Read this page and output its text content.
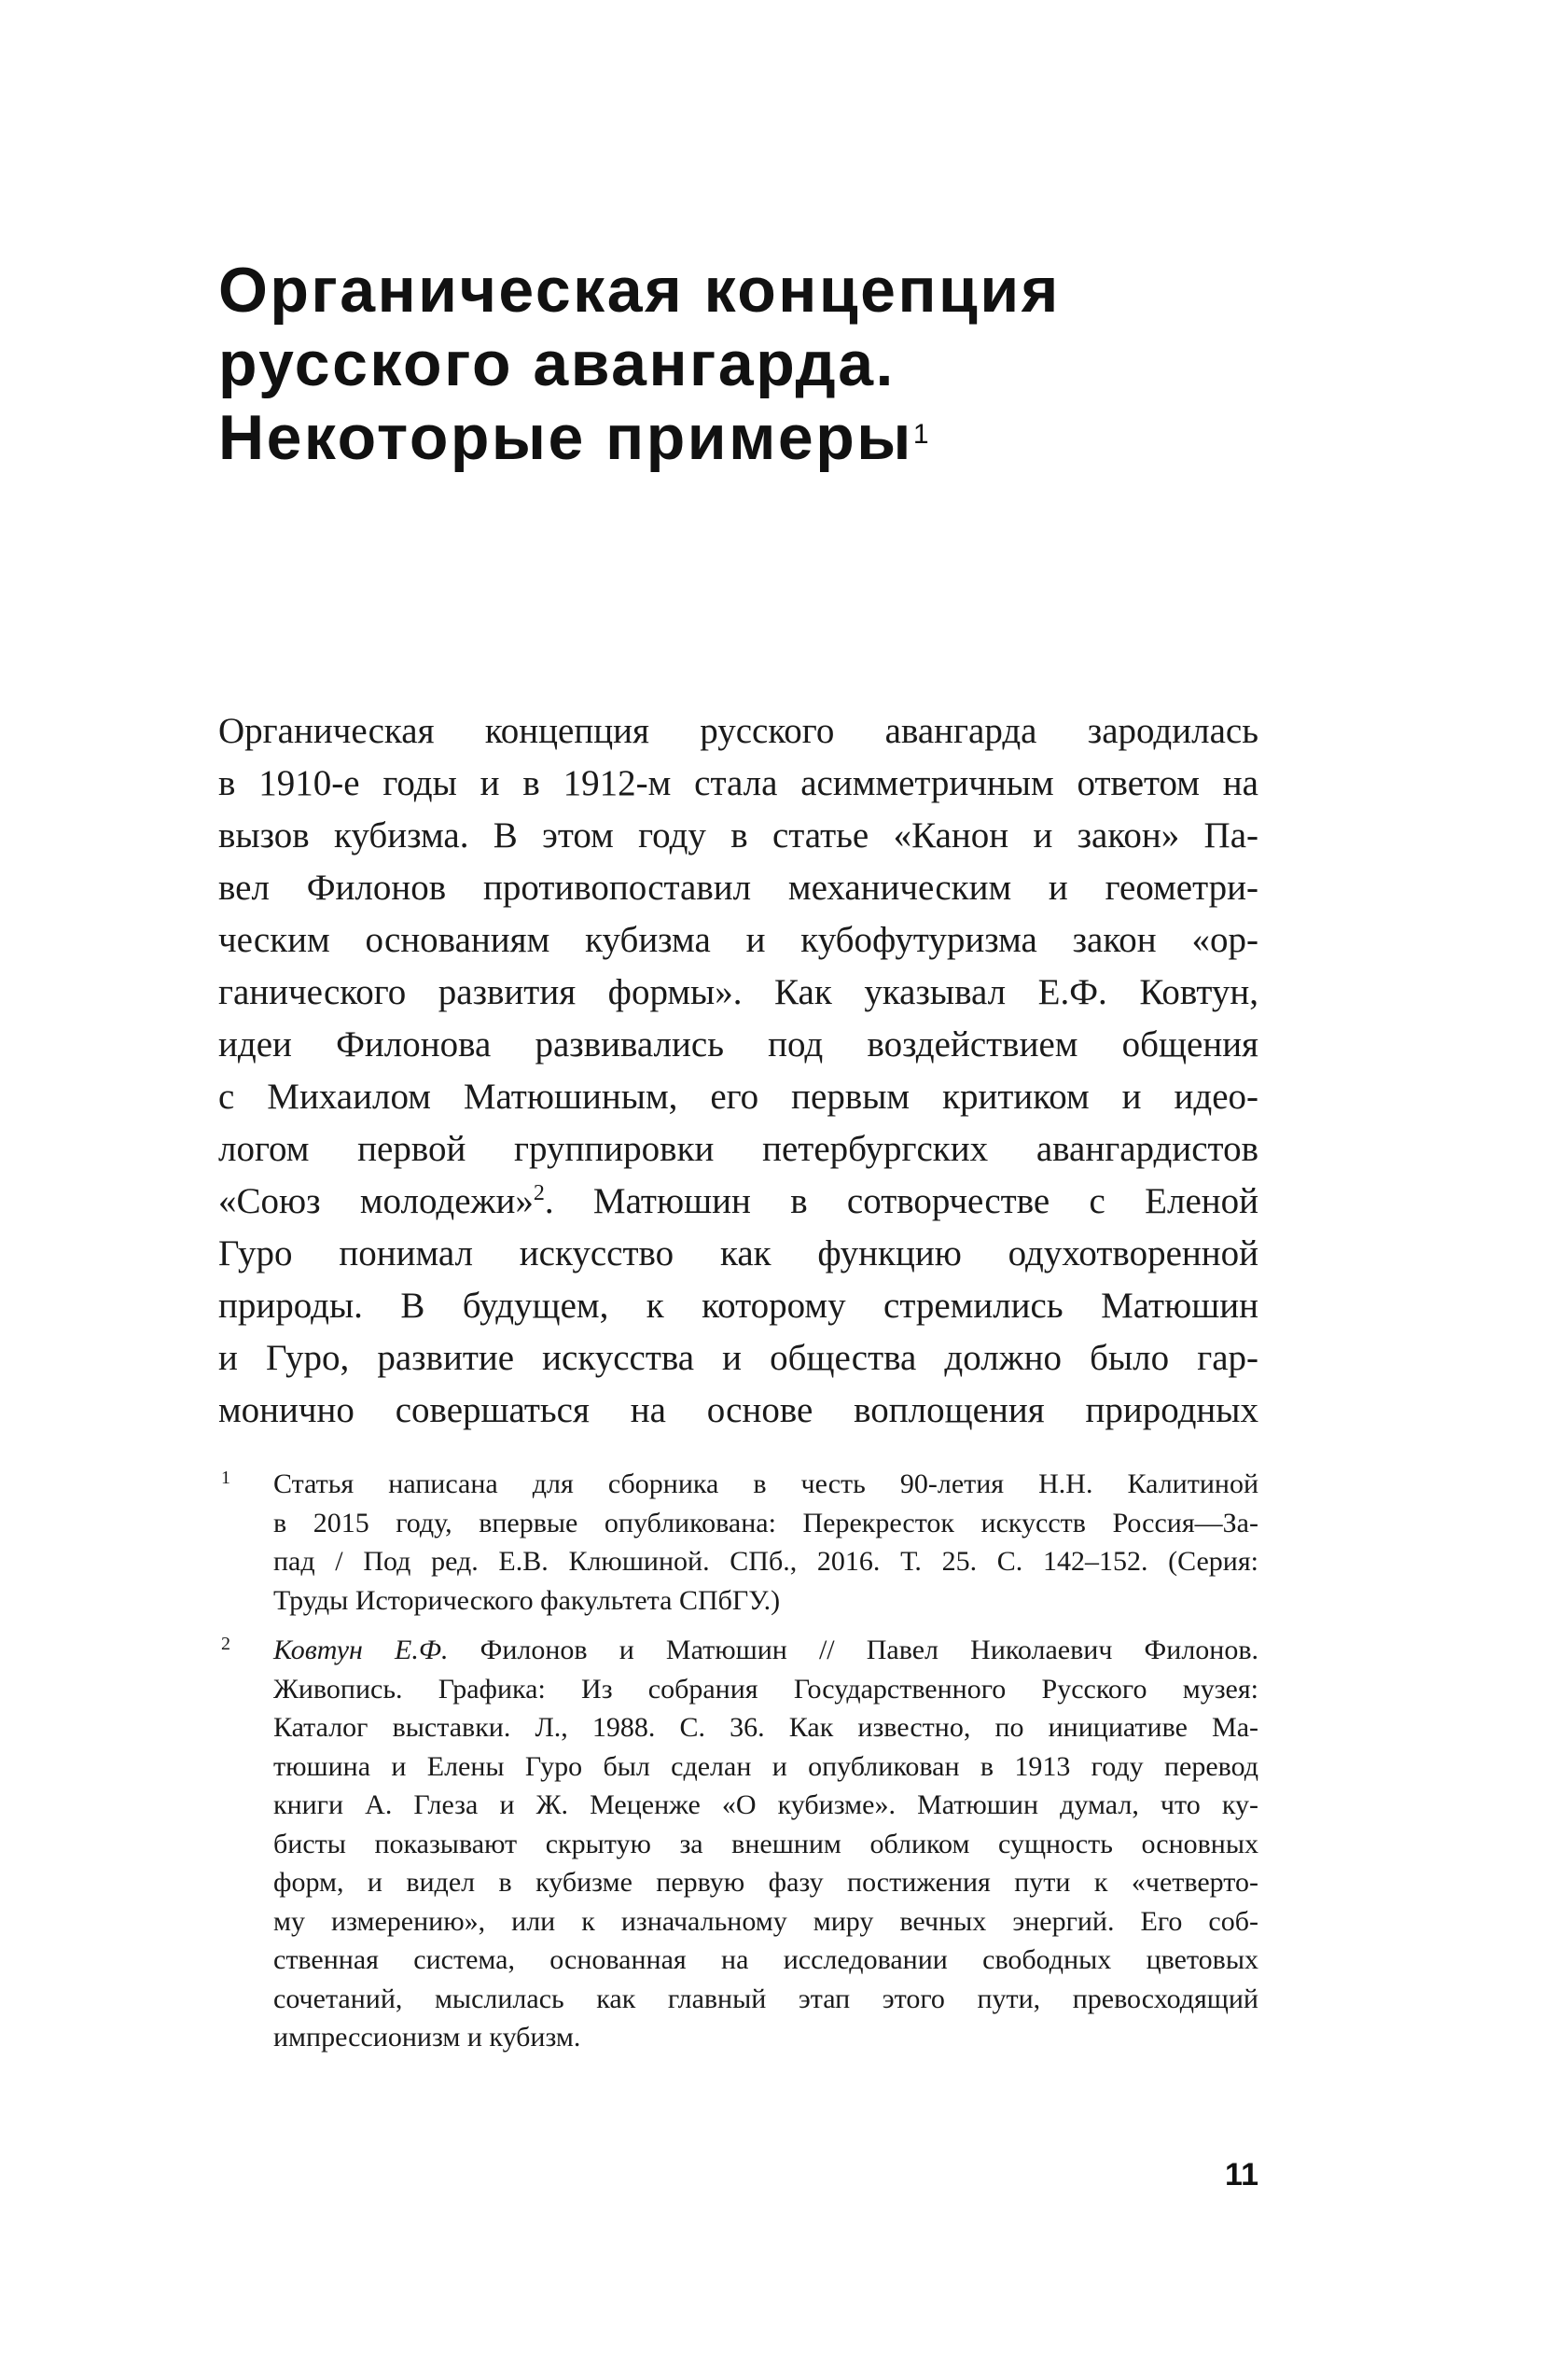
Органическая концепция
русского авангарда.
Некоторые примеры$^1$
Органическая концепция русского авангарда зародилась
в 1910-е годы и в 1912-м стала асимметричным ответом на
вызов кубизма. В этом году в статье «Канон и закон» Па-
вел Филонов противопоставил механическим и геометри-
ческим основаниям кубизма и кубофутуризма закон «ор-
ганического развития формы». Как указывал Е.Ф. Ковтун,
идеи Филонова развивались под воздействием общения
с Михаилом Матюшиным, его первым критиком и идео-
логом первой группировки петербургских авангардистов
«Союз молодежи»$^2$. Матюшин в сотворчестве с Еленой
Гуро понимал искусство как функцию одухотворенной
природы. В будущем, к которому стремились Матюшин
и Гуро, развитие искусства и общества должно было гар-
монично совершаться на основе воплощения природных
1 Статья написана для сборника в честь 90-летия Н.Н. Калитиной
в 2015 году, впервые опубликована: Перекресток искусств Россия—За-
пад / Под ред. Е.В. Клюшиной. СПб., 2016. Т. 25. С. 142–152. (Серия:
Труды Исторического факультета СПбГУ.)
2 Ковтун Е.Ф. Филонов и Матюшин // Павел Николаевич Филонов.
Живопись. Графика: Из собрания Государственного Русского музея:
Каталог выставки. Л., 1988. С. 36. Как известно, по инициативе Ма-
тюшина и Елены Гуро был сделан и опубликован в 1913 году перевод
книги А. Глеза и Ж. Меценже «О кубизме». Матюшин думал, что ку-
бисты показывают скрытую за внешним обликом сущность основных
форм, и видел в кубизме первую фазу постижения пути к «четверто-
му измерению», или к изначальному миру вечных энергий. Его соб-
ственная система, основанная на исследовании свободных цветовых
сочетаний, мыслилась как главный этап этого пути, превосходящий
импрессионизм и кубизм.
11
